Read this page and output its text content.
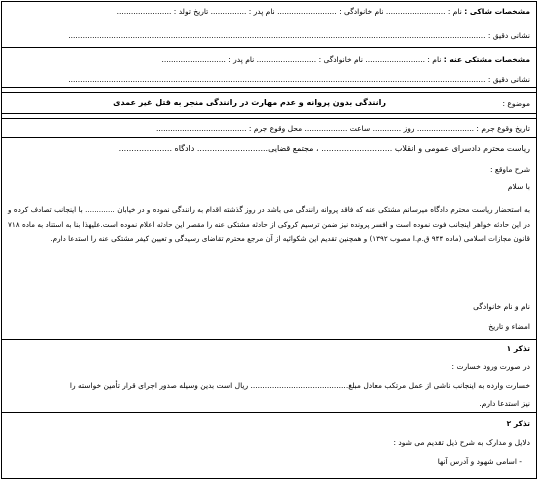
مشخصات شاکی : نام : ......................... نام خانوادگی : ......................... نام پدر : ............... تاریخ تولد : .......................
نشانی دقیق : ...............................................................................................................................................................................
مشخصات مشتکی عنه : نام : ......................... نام خانوادگی : ......................... نام پدر : ...........................
نشانی دقیق : ...............................................................................................................................................................................
موضوع :
رانندگی بدون پروانه و عدم مهارت در رانندگی منجر به قتل غیر عمدی
تاریخ وقوع جرم : ........................ روز ............ ساعت .................. محل وقوع جرم : ......................................
ریاست محترم دادسرای عمومی و انقلاب ............................ ، مجتمع قضایی............................ دادگاه .....................
شرح ماوقع :
با سلام
به استحضار ریاست محترم دادگاه میرسانم مشتکی عنه که فاقد پروانه رانندگی می باشد در روز گذشته اقدام به رانندگی نموده و در خیابان ............. با اینجانب تصادف کرده و در این حادثه خواهر اینجانب فوت نموده است و افسر پرونده نیز ضمن ترسیم کروکی از حادثه مشتکی عنه را مقصر این حادثه اعلام نموده است.علیهذا بنا به استناد به ماده ۷۱۸ قانون مجازات اسلامی (ماده ۹۴۴ ق.م.ا مصوب ۱۳۹۲) و همچنین تقدیم این شکوائیه از آن مرجع محترم تقاضای رسیدگی و تعیین کیفر مشتکی عنه را استدعا دارم.
نام و نام خانوادگی
امضاء و تاریخ
تذکر ۱
در صورت ورود خسارت :
خسارت وارده به اینجانب ناشی از عمل مرتکب معادل مبلغ......................................... ریال است بدین وسیله صدور اجرای قرار تأمین خواسته را
نیز استدعا دارم.
تذکر ۲
دلایل و مدارک به شرح ذیل تقدیم می شود :
- اسامی شهود و آدرس آنها
